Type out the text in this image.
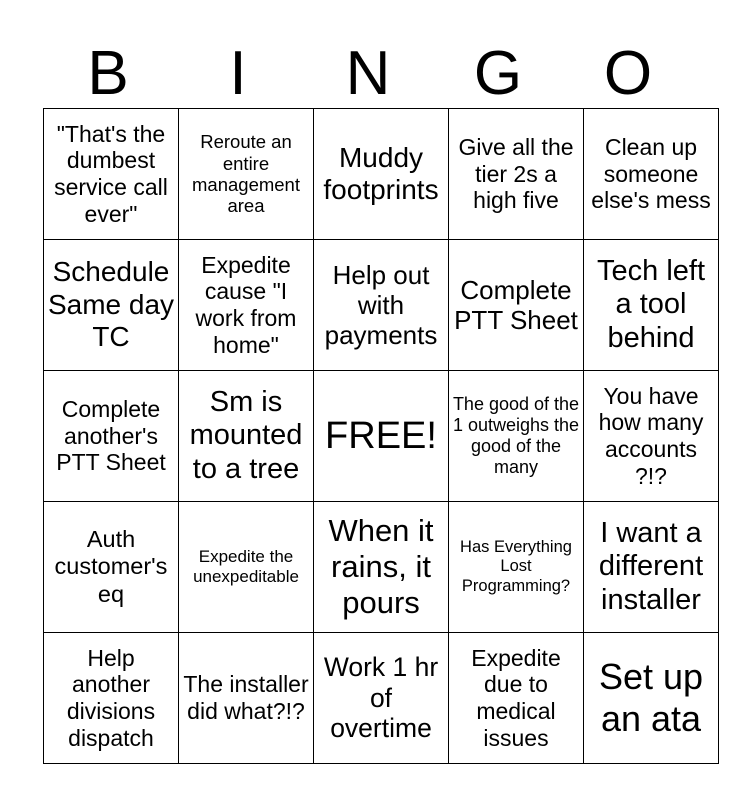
B	I	N	G	O
"That's the dumbest service call ever"	Reroute an entire management area	Muddy footprints	Give all the tier 2s a high five	Clean up someone else's mess
Schedule Same day TC	Expedite cause "I work from home"	Help out with payments	Complete PTT Sheet	Tech left a tool behind
Complete another's PTT Sheet	Sm is mounted to a tree	FREE!	The good of the 1 outweighs the good of the many	You have how many accounts ?!?
Auth customer's eq	Expedite the unexpeditable	When it rains, it pours	Has Everything Lost Programming?	I want a different installer
Help another divisions dispatch	The installer did what?!?	Work 1 hr of overtime	Expedite due to medical issues	Set up an ata
